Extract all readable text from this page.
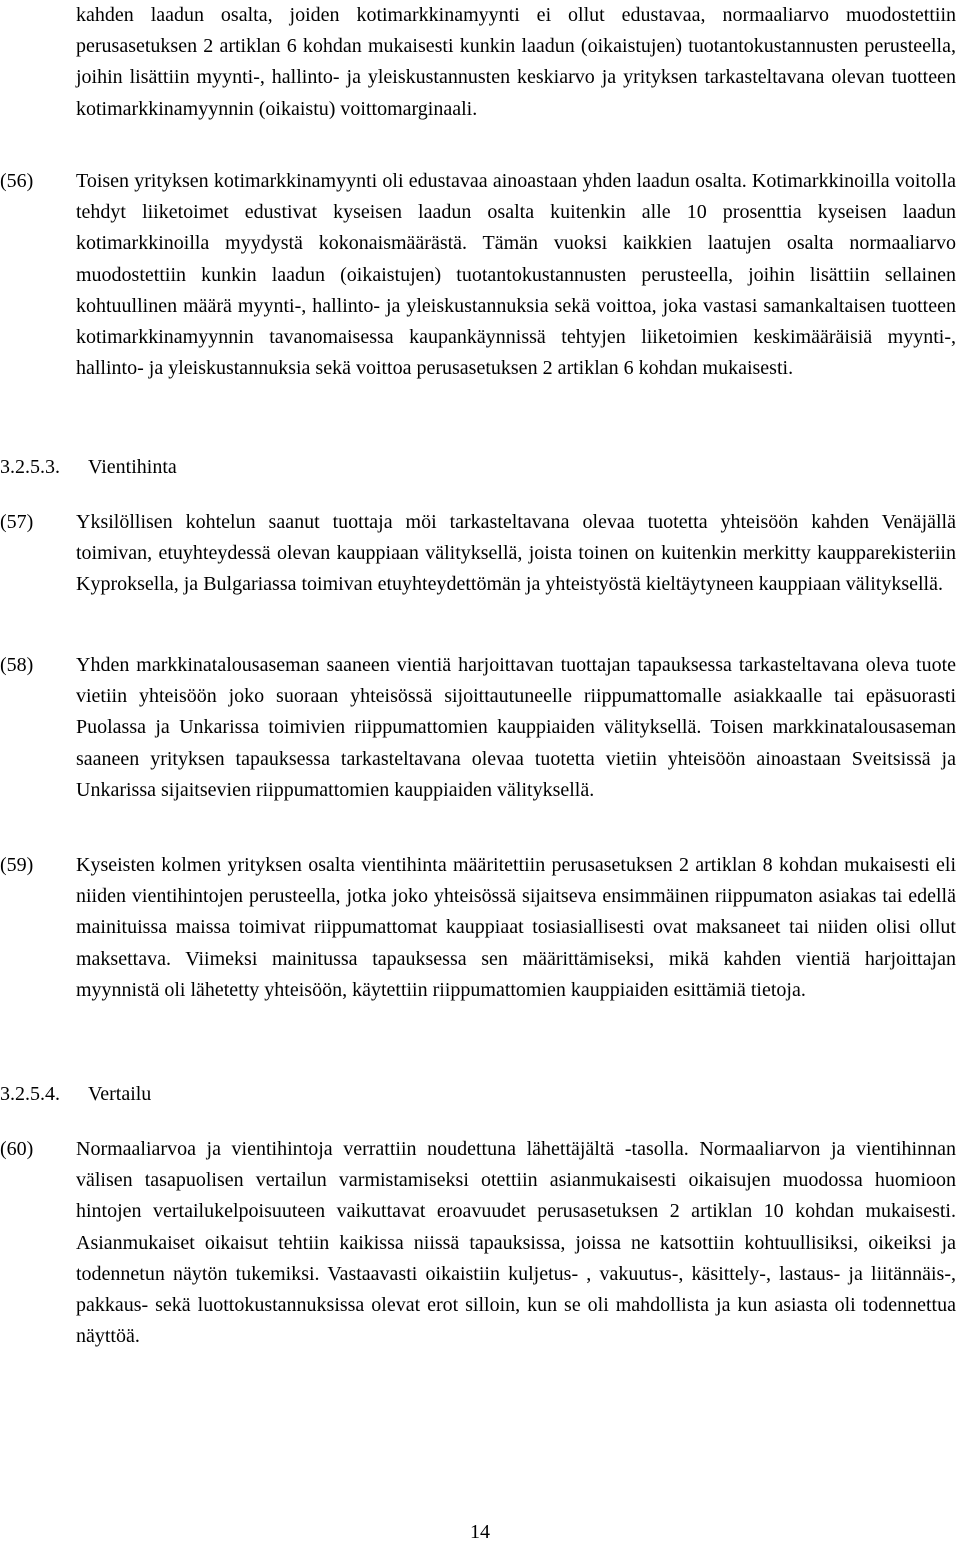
kahden laadun osalta, joiden kotimarkkinamyynti ei ollut edustavaa, normaaliarvo muodostettiin perusasetuksen 2 artiklan 6 kohdan mukaisesti kunkin laadun (oikaistujen) tuotantokustannusten perusteella, joihin lisättiin myynti-, hallinto- ja yleiskustannusten keskiarvo ja yrityksen tarkasteltavana olevan tuotteen kotimarkkinamyynnin (oikaistu) voittomarginaali.

(56)	Toisen yrityksen kotimarkkinamyynti oli edustavaa ainoastaan yhden laadun osalta. Kotimarkkinoilla voitolla tehdyt liiketoimet edustivat kyseisen laadun osalta kuitenkin alle 10 prosenttia kyseisen laadun kotimarkkinoilla myydystä kokonaismäärästä. Tämän vuoksi kaikkien laatujen osalta normaaliarvo muodostettiin kunkin laadun (oikaistujen) tuotantokustannusten perusteella, joihin lisättiin sellainen kohtuullinen määrä myynti-, hallinto- ja yleiskustannuksia sekä voittoa, joka vastasi samankaltaisen tuotteen kotimarkkinamyynnin tavanomaisessa kaupankäynnissä tehtyjen liiketoimien keskimääräisiä myynti-, hallinto- ja yleiskustannuksia sekä voittoa perusasetuksen 2 artiklan 6 kohdan mukaisesti.

3.2.5.3. Vientihinta

(57)	Yksilöllisen kohtelun saanut tuottaja möi tarkasteltavana olevaa tuotetta yhteisöön kahden Venäjällä toimivan, etuyhteydessä olevan kauppiaan välityksellä, joista toinen on kuitenkin merkitty kaupparekisteriin Kyproksella, ja Bulgariassa toimivan etuyhteydettömän ja yhteistyöstä kieltäytyneen kauppiaan välityksellä.

(58)	Yhden markkinatalousaseman saaneen vientiä harjoittavan tuottajan tapauksessa tarkasteltavana oleva tuote vietiin yhteisöön joko suoraan yhteisössä sijoittautuneelle riippumattomalle asiakkaalle tai epäsuorasti Puolassa ja Unkarissa toimivien riippumattomien kauppiaiden välityksellä. Toisen markkinatalousaseman saaneen yrityksen tapauksessa tarkasteltavana olevaa tuotetta vietiin yhteisöön ainoastaan Sveitsissä ja Unkarissa sijaitsevien riippumattomien kauppiaiden välityksellä.

(59)	Kyseisten kolmen yrityksen osalta vientihinta määritettiin perusasetuksen 2 artiklan 8 kohdan mukaisesti eli niiden vientihintojen perusteella, jotka joko yhteisössä sijaitseva ensimmäinen riippumaton asiakas tai edellä mainituissa maissa toimivat riippumattomat kauppiaat tosiasiallisesti ovat maksaneet tai niiden olisi ollut maksettava. Viimeksi mainitussa tapauksessa sen määrittämiseksi, mikä kahden vientiä harjoittajan myynnistä oli lähetetty yhteisöön, käytettiin riippumattomien kauppiaiden esittämiä tietoja.

3.2.5.4. Vertailu

(60)	Normaaliarvoa ja vientihintoja verrattiin noudettuna lähettäjältä -tasolla. Normaaliarvon ja vientihinnan välisen tasapuolisen vertailun varmistamiseksi otettiin asianmukaisesti oikaisujen muodossa huomioon hintojen vertailukelpoisuuteen vaikuttavat eroavuudet perusasetuksen 2 artiklan 10 kohdan mukaisesti. Asianmukaiset oikaisut tehtiin kaikissa niissä tapauksissa, joissa ne katsottiin kohtuullisiksi, oikeiksi ja todennetun näytön tukemiksi. Vastaavasti oikaistiin kuljetus- , vakuutus-, käsittely-, lastaus- ja liitännäis-, pakkaus- sekä luottokustannuksissa olevat erot silloin, kun se oli mahdollista ja kun asiasta oli todennettua näyttöä.

14
